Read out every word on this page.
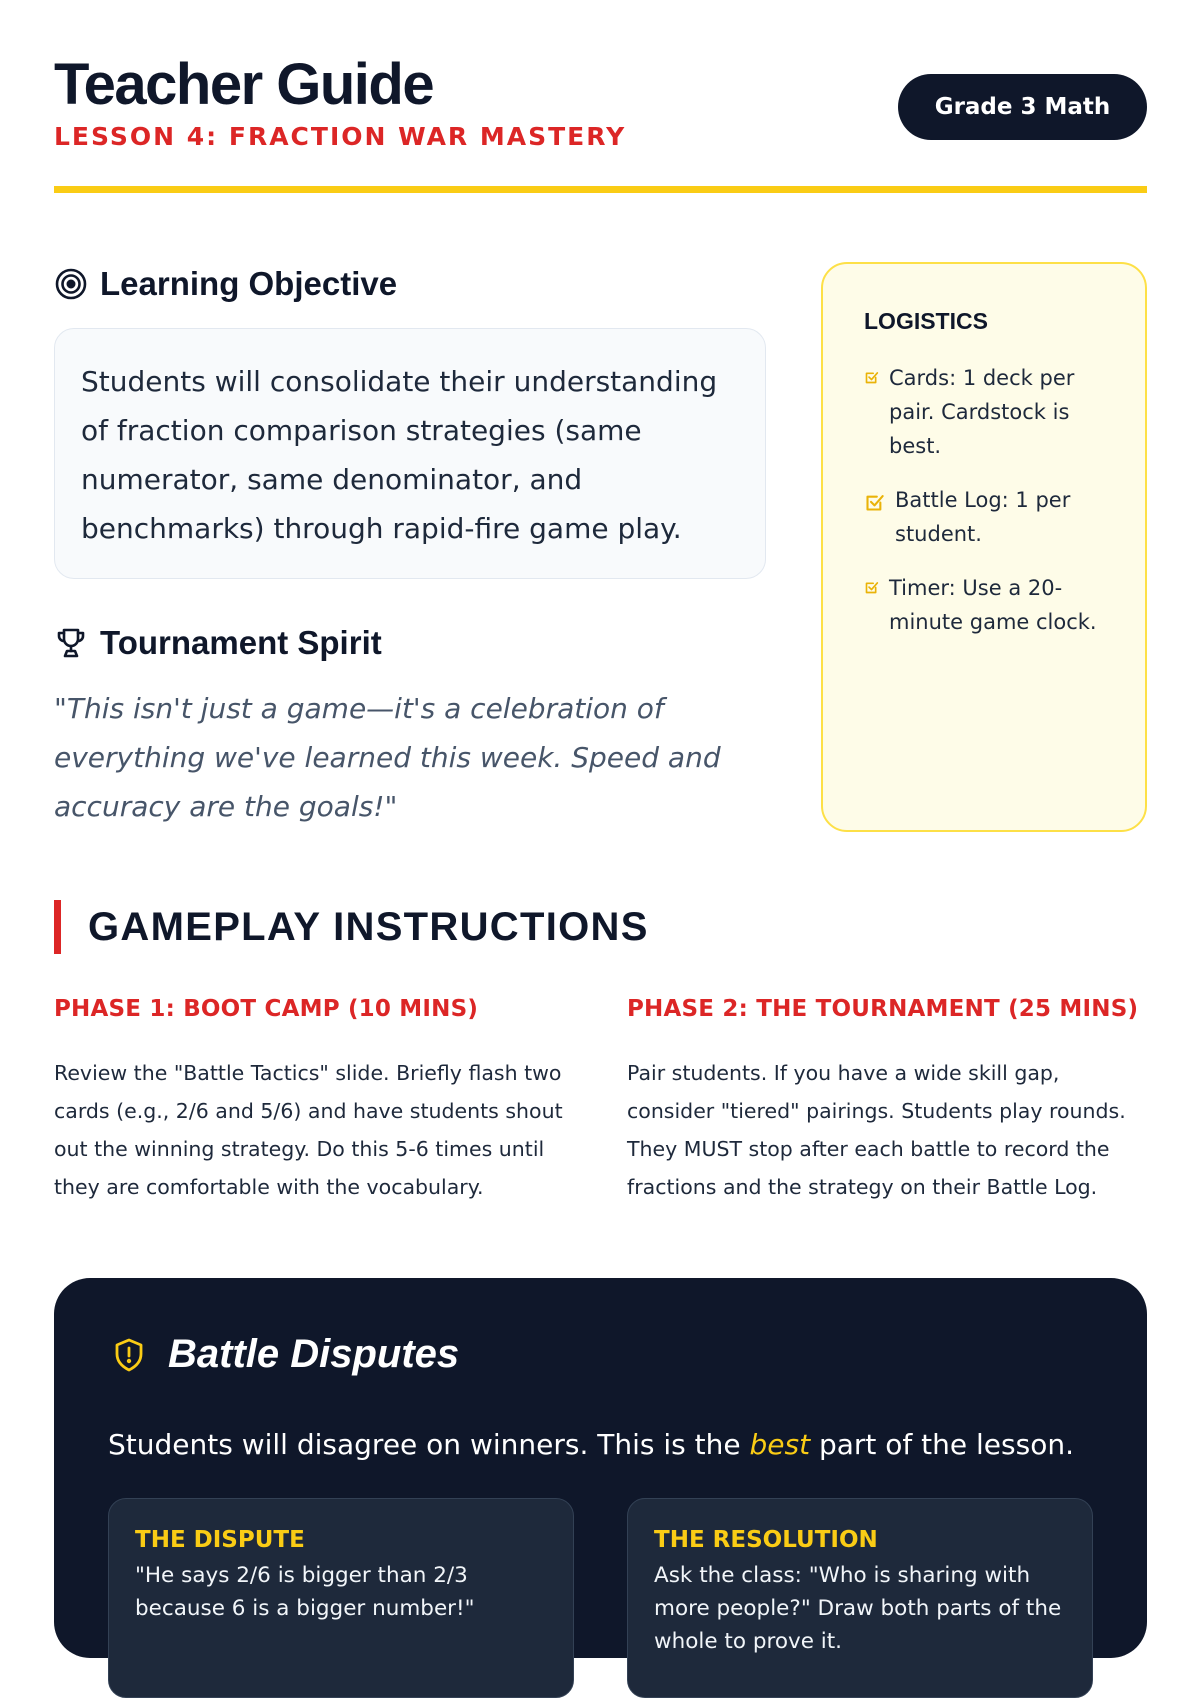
Teacher Guide
LESSON 4: FRACTION WAR MASTERY
Grade 3 Math
Learning Objective
Students will consolidate their understanding of fraction comparison strategies (same numerator, same denominator, and benchmarks) through rapid-fire game play.
Tournament Spirit
"This isn't just a game—it's a celebration of everything we've learned this week. Speed and accuracy are the goals!"
LOGISTICS
Cards: 1 deck per pair. Cardstock is best.
Battle Log: 1 per student.
Timer: Use a 20-minute game clock.
GAMEPLAY INSTRUCTIONS
PHASE 1: BOOT CAMP (10 MINS)
Review the "Battle Tactics" slide. Briefly flash two cards (e.g., 2/6 and 5/6) and have students shout out the winning strategy. Do this 5-6 times until they are comfortable with the vocabulary.
PHASE 2: THE TOURNAMENT (25 MINS)
Pair students. If you have a wide skill gap, consider "tiered" pairings. Students play rounds. They MUST stop after each battle to record the fractions and the strategy on their Battle Log.
Battle Disputes
Students will disagree on winners. This is the best part of the lesson.
THE DISPUTE
"He says 2/6 is bigger than 2/3 because 6 is a bigger number!"
THE RESOLUTION
Ask the class: "Who is sharing with more people?" Draw both parts of the whole to prove it.
